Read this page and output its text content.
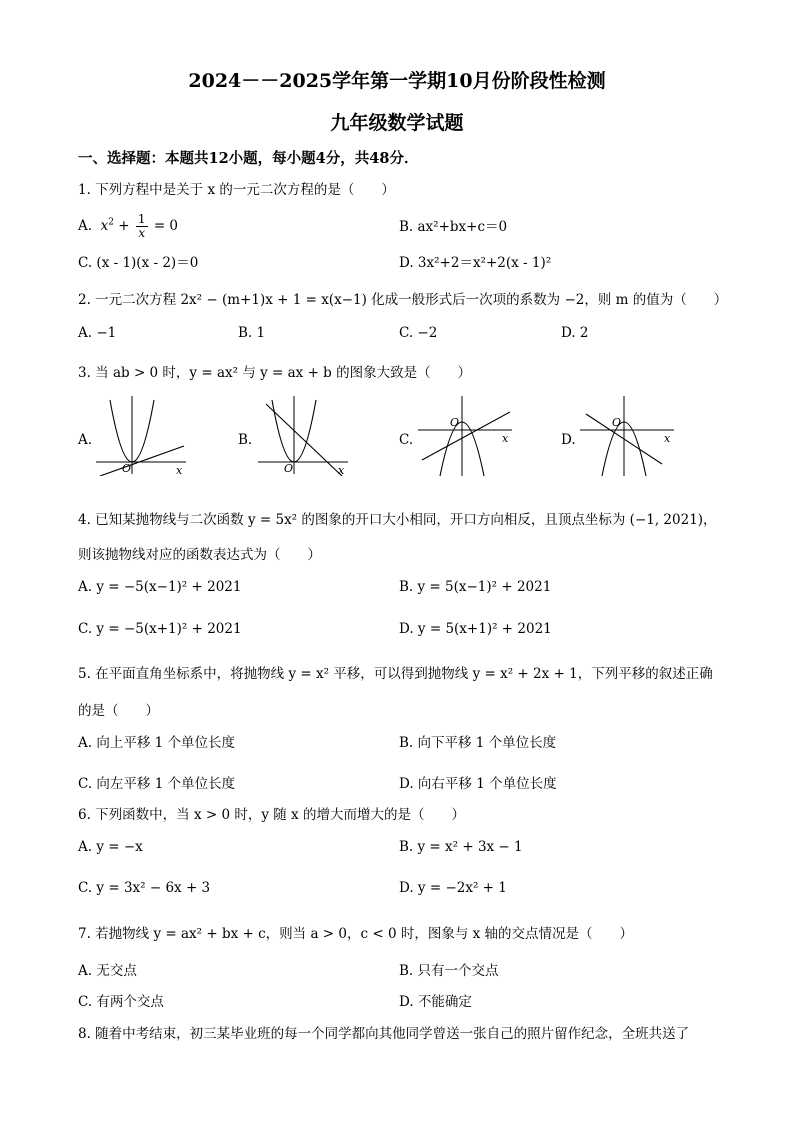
2024－－2025学年第一学期10月份阶段性检测
九年级数学试题
一、选择题：本题共12小题，每小题4分，共48分．
1. 下列方程中是关于 x 的一元二次方程的是（　　）
A.  $x^2 + \frac{1}{x} = 0$	B. ax²+bx+c＝0
C. (x - 1)(x - 2)＝0	D. 3x²+2＝x²+2(x - 1)²
2. 一元二次方程 2x² − (m+1)x + 1 = x(x−1) 化成一般形式后一次项的系数为 −2，则 m 的值为（　　）
A. −1	B. 1	C. −2	D. 2
3. 当 ab > 0 时，y = ax² 与 y = ax + b 的图象大致是（　　）
A.
O	x
B.
O	x
C.
O
x	D.
O
x
4. 已知某抛物线与二次函数 y = 5x² 的图象的开口大小相同，开口方向相反，且顶点坐标为 (−1, 2021)，
则该抛物线对应的函数表达式为（　　）
A. y = −5(x−1)² + 2021	B. y = 5(x−1)² + 2021
C. y = −5(x+1)² + 2021	D. y = 5(x+1)² + 2021
5. 在平面直角坐标系中，将抛物线 y = x² 平移，可以得到抛物线 y = x² + 2x + 1，下列平移的叙述正确
的是（　　）
A. 向上平移 1 个单位长度	B. 向下平移 1 个单位长度
C. 向左平移 1 个单位长度	D. 向右平移 1 个单位长度
6. 下列函数中，当 x > 0 时，y 随 x 的增大而增大的是（　　）
A. y = −x	B. y = x² + 3x − 1
C. y = 3x² − 6x + 3	D. y = −2x² + 1
7. 若抛物线 y = ax² + bx + c，则当 a > 0，c < 0 时，图象与 x 轴的交点情况是（　　）
A. 无交点	B. 只有一个交点
C. 有两个交点	D. 不能确定
8. 随着中考结束，初三某毕业班的每一个同学都向其他同学曾送一张自己的照片留作纪念，全班共送了
